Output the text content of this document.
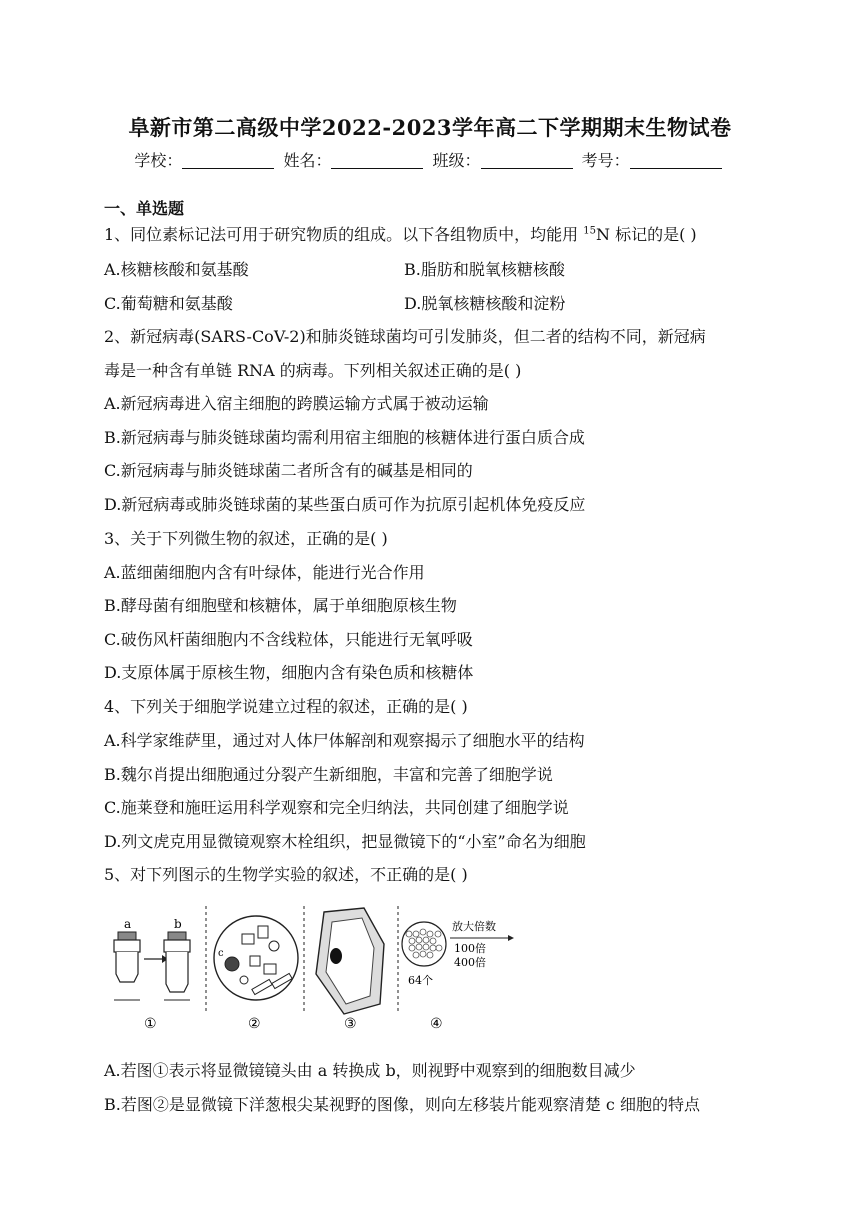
阜新市第二高级中学2022-2023学年高二下学期期末生物试卷
学校：	姓名：	班级：	考号：
一、单选题
1、同位素标记法可用于研究物质的组成。以下各组物质中，均能用 $^{15}$N 标记的是( )
A.核糖核酸和氨基酸	B.脂肪和脱氧核糖核酸
C.葡萄糖和氨基酸	D.脱氧核糖核酸和淀粉
2、新冠病毒(SARS-CoV-2)和肺炎链球菌均可引发肺炎，但二者的结构不同，新冠病
毒是一种含有单链 RNA 的病毒。下列相关叙述正确的是( )
A.新冠病毒进入宿主细胞的跨膜运输方式属于被动运输
B.新冠病毒与肺炎链球菌均需利用宿主细胞的核糖体进行蛋白质合成
C.新冠病毒与肺炎链球菌二者所含有的碱基是相同的
D.新冠病毒或肺炎链球菌的某些蛋白质可作为抗原引起机体免疫反应
3、关于下列微生物的叙述，正确的是( )
A.蓝细菌细胞内含有叶绿体，能进行光合作用
B.酵母菌有细胞壁和核糖体，属于单细胞原核生物
C.破伤风杆菌细胞内不含线粒体，只能进行无氧呼吸
D.支原体属于原核生物，细胞内含有染色质和核糖体
4、下列关于细胞学说建立过程的叙述，正确的是( )
A.科学家维萨里，通过对人体尸体解剖和观察揭示了细胞水平的结构
B.魏尔肖提出细胞通过分裂产生新细胞，丰富和完善了细胞学说
C.施莱登和施旺运用科学观察和完全归纳法，共同创建了细胞学说
D.列文虎克用显微镜观察木栓组织，把显微镜下的“小室”命名为细胞
5、对下列图示的生物学实验的叙述，不正确的是( )
a	b
①
c
②	③
放大倍数
100倍
400倍
64个
④
A.若图①表示将显微镜镜头由 a 转换成 b，则视野中观察到的细胞数目减少
B.若图②是显微镜下洋葱根尖某视野的图像，则向左移装片能观察清楚 c 细胞的特点
